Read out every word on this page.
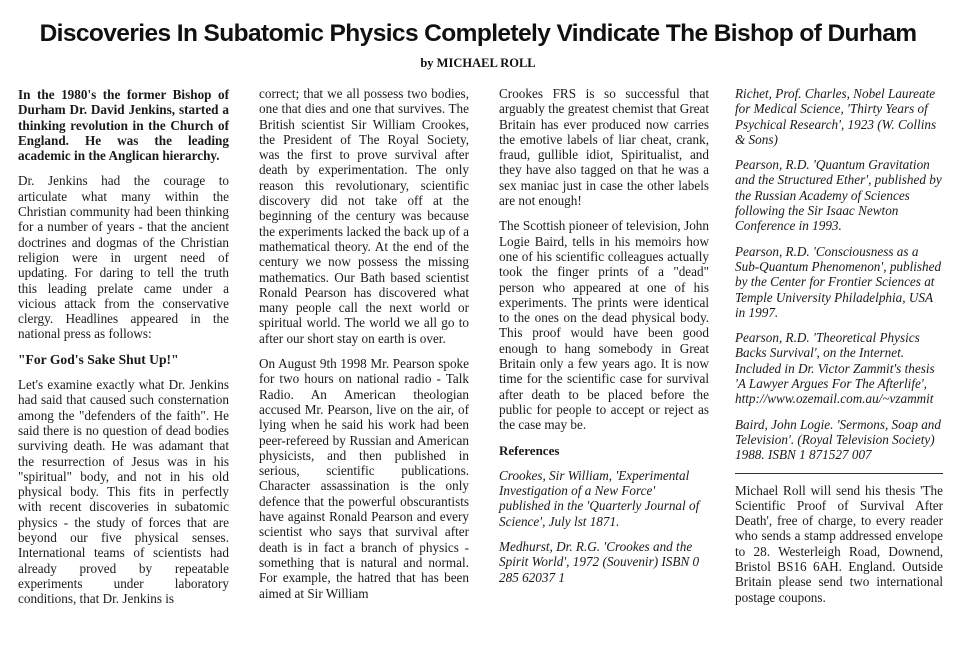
Discoveries In Subatomic Physics Completely Vindicate The Bishop of Durham
by MICHAEL ROLL

In the 1980's the former Bishop of Durham Dr. David Jenkins, started a thinking revolution in the Church of England. He was the leading academic in the Anglican hierarchy.

Dr. Jenkins had the courage to articulate what many within the Christian community had been thinking for a number of years - that the ancient doctrines and dogmas of the Christian religion were in urgent need of updating. For daring to tell the truth this leading prelate came under a vicious attack from the conservative clergy. Headlines appeared in the national press as follows:

"For God's Sake Shut Up!"

Let's examine exactly what Dr. Jenkins had said that caused such consternation among the "defenders of the faith". He said there is no question of dead bodies surviving death. He was adamant that the resurrection of Jesus was in his "spiritual" body, and not in his old physical body. This fits in perfectly with recent discoveries in subatomic physics - the study of forces that are beyond our five physical senses. International teams of scientists had already proved by repeatable experiments under laboratory conditions, that Dr. Jenkins is

correct; that we all possess two bodies, one that dies and one that survives. The British scientist Sir William Crookes, the President of The Royal Society, was the first to prove survival after death by experimentation. The only reason this revolutionary, scientific discovery did not take off at the beginning of the century was because the experiments lacked the back up of a mathematical theory. At the end of the century we now possess the missing mathematics. Our Bath based scientist Ronald Pearson has discovered what many people call the next world or spiritual world. The world we all go to after our short stay on earth is over.

On August 9th 1998 Mr. Pearson spoke for two hours on national radio - Talk Radio. An American theologian accused Mr. Pearson, live on the air, of lying when he said his work had been peer-refereed by Russian and American physicists, and then published in serious, scientific publications. Character assassination is the only defence that the powerful obscurantists have against Ronald Pearson and every scientist who says that survival after death is in fact a branch of physics - something that is natural and normal. For example, the hatred that has been aimed at Sir William

Crookes FRS is so successful that arguably the greatest chemist that Great Britain has ever produced now carries the emotive labels of liar cheat, crank, fraud, gullible idiot, Spiritualist, and they have also tagged on that he was a sex maniac just in case the other labels are not enough!

The Scottish pioneer of television, John Logie Baird, tells in his memoirs how one of his scientific colleagues actually took the finger prints of a "dead" person who appeared at one of his experiments. The prints were identical to the ones on the dead physical body. This proof would have been good enough to hang somebody in Great Britain only a few years ago. It is now time for the scientific case for survival after death to be placed before the public for people to accept or reject as the case may be.

References

Crookes, Sir William, 'Experimental Investigation of a New Force' published in the 'Quarterly Journal of Science', July lst 1871.

Medhurst, Dr. R.G. 'Crookes and the Spirit World', 1972 (Souvenir) ISBN 0 285 62037 1

Richet, Prof. Charles, Nobel Laureate for Medical Science, 'Thirty Years of Psychical Research', 1923 (W. Collins & Sons)

Pearson, R.D. 'Quantum Gravitation and the Structured Ether', published by the Russian Academy of Sciences following the Sir Isaac Newton Conference in 1993.

Pearson, R.D. 'Consciousness as a Sub-Quantum Phenomenon', published by the Center for Frontier Sciences at Temple University Philadelphia, USA in 1997.

Pearson, R.D. 'Theoretical Physics Backs Survival', on the Internet. Included in Dr. Victor Zammit's thesis 'A Lawyer Argues For The Afterlife', http://www.ozemail.com.au/~vzammit

Baird, John Logie. 'Sermons, Soap and Television'. (Royal Television Society) 1988. ISBN 1 871527 007

Michael Roll will send his thesis 'The Scientific Proof of Survival After Death', free of charge, to every reader who sends a stamp addressed envelope to 28. Westerleigh Road, Downend, Bristol BS16 6AH. England. Outside Britain please send two international postage coupons.
